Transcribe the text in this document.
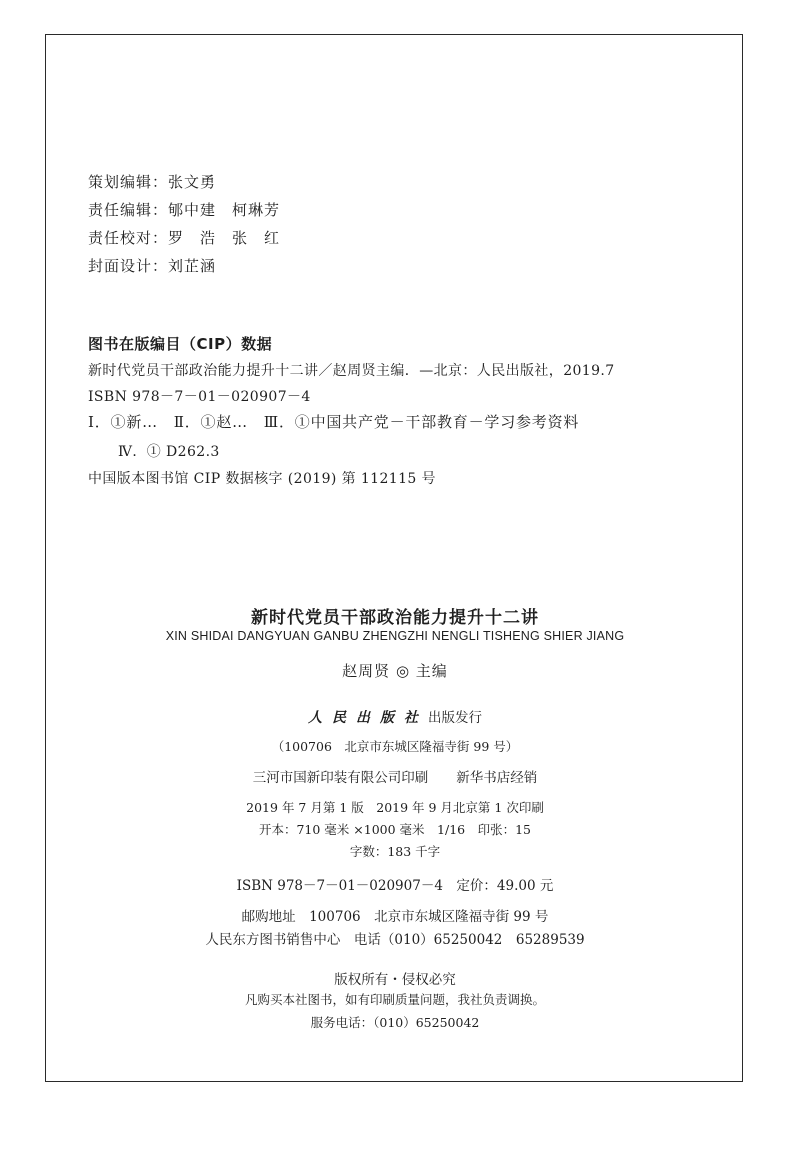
策划编辑：张文勇
责任编辑：郇中建　柯琳芳
责任校对：罗　浩　张　红
封面设计：刘芷涵
图书在版编目（CIP）数据
新时代党员干部政治能力提升十二讲／赵周贤主编．—北京：人民出版社，2019.7
ISBN 978－7－01－020907－4
Ⅰ．①新…　Ⅱ．①赵…　Ⅲ．①中国共产党－干部教育－学习参考资料
Ⅳ．① D262.3
中国版本图书馆 CIP 数据核字 (2019) 第 112115 号
新时代党员干部政治能力提升十二讲
XIN SHIDAI DANGYUAN GANBU ZHENGZHI NENGLI TISHENG SHIER JIANG
赵周贤 ◎ 主编
人民出版社出版发行
（100706　北京市东城区隆福寺街 99 号）
三河市国新印装有限公司印刷 新华书店经销
2019 年 7 月第 1 版　2019 年 9 月北京第 1 次印刷
开本：710 毫米 ×1000 毫米　1/16　印张：15
字数：183 千字
ISBN 978－7－01－020907－4　定价：49.00 元
邮购地址　100706　北京市东城区隆福寺街 99 号
人民东方图书销售中心　电话（010）65250042　65289539
版权所有・侵权必究
凡购买本社图书，如有印刷质量问题，我社负责调换。
服务电话：（010）65250042
